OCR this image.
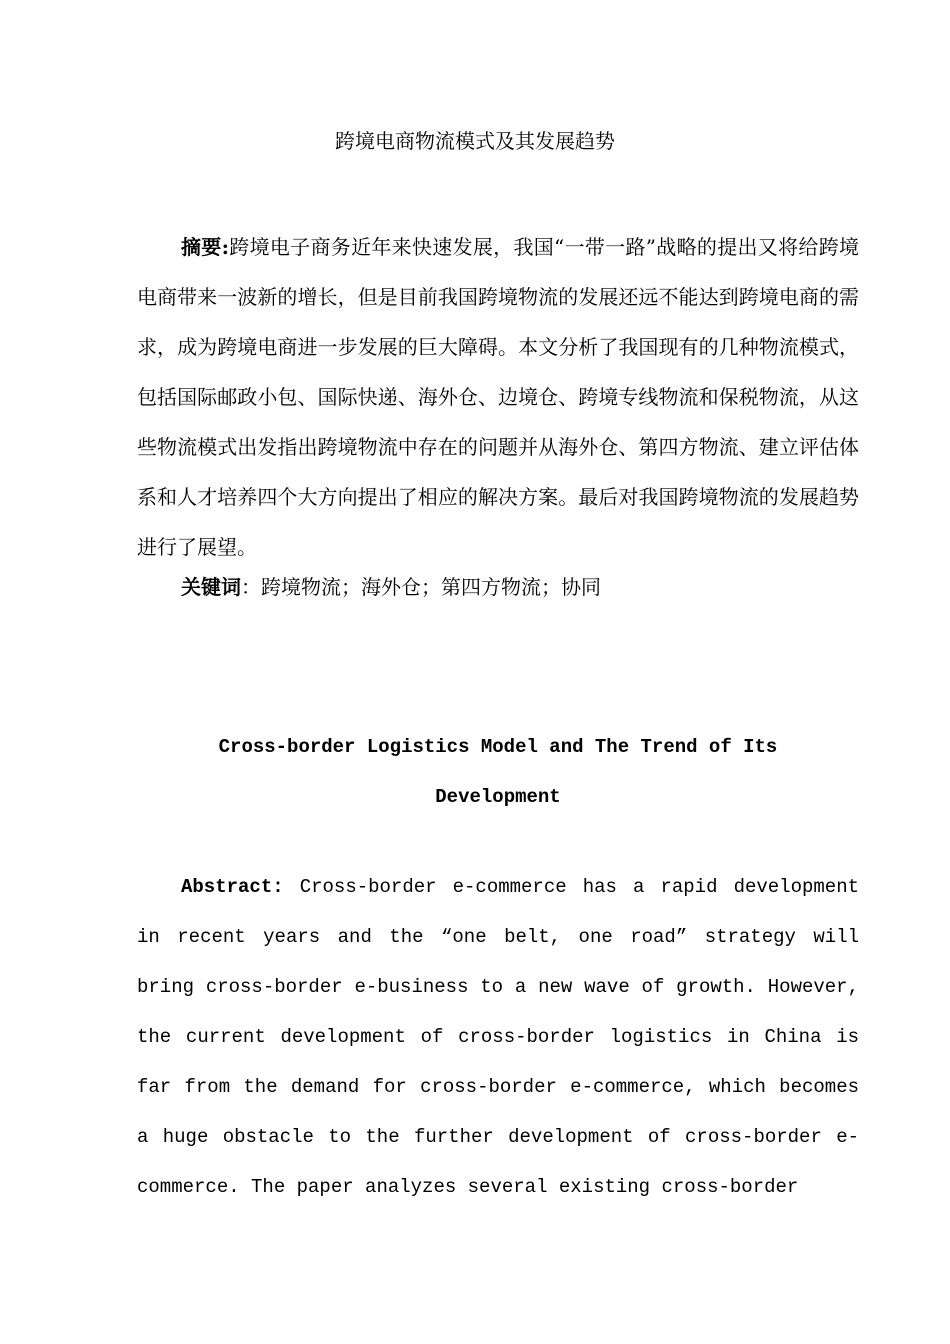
跨境电商物流模式及其发展趋势

摘要:跨境电子商务近年来快速发展，我国“一带一路”战略的提出又将给跨境电商带来一波新的增长，但是目前我国跨境物流的发展还远不能达到跨境电商的需求，成为跨境电商进一步发展的巨大障碍。本文分析了我国现有的几种物流模式，包括国际邮政小包、国际快递、海外仓、边境仓、跨境专线物流和保税物流，从这些物流模式出发指出跨境物流中存在的问题并从海外仓、第四方物流、建立评估体系和人才培养四个大方向提出了相应的解决方案。最后对我国跨境物流的发展趋势进行了展望。

关键词：跨境物流；海外仓；第四方物流；协同

Cross-border Logistics Model and The Trend of Its Development

Abstract: Cross-border e-commerce has a rapid development in recent years and the “one belt, one road” strategy will bring cross-border e-business to a new wave of growth. However, the current development of cross-border logistics in China is far from the demand for cross-border e-commerce, which becomes a huge obstacle to the further development of cross-border e-commerce. The paper analyzes several existing cross-border
